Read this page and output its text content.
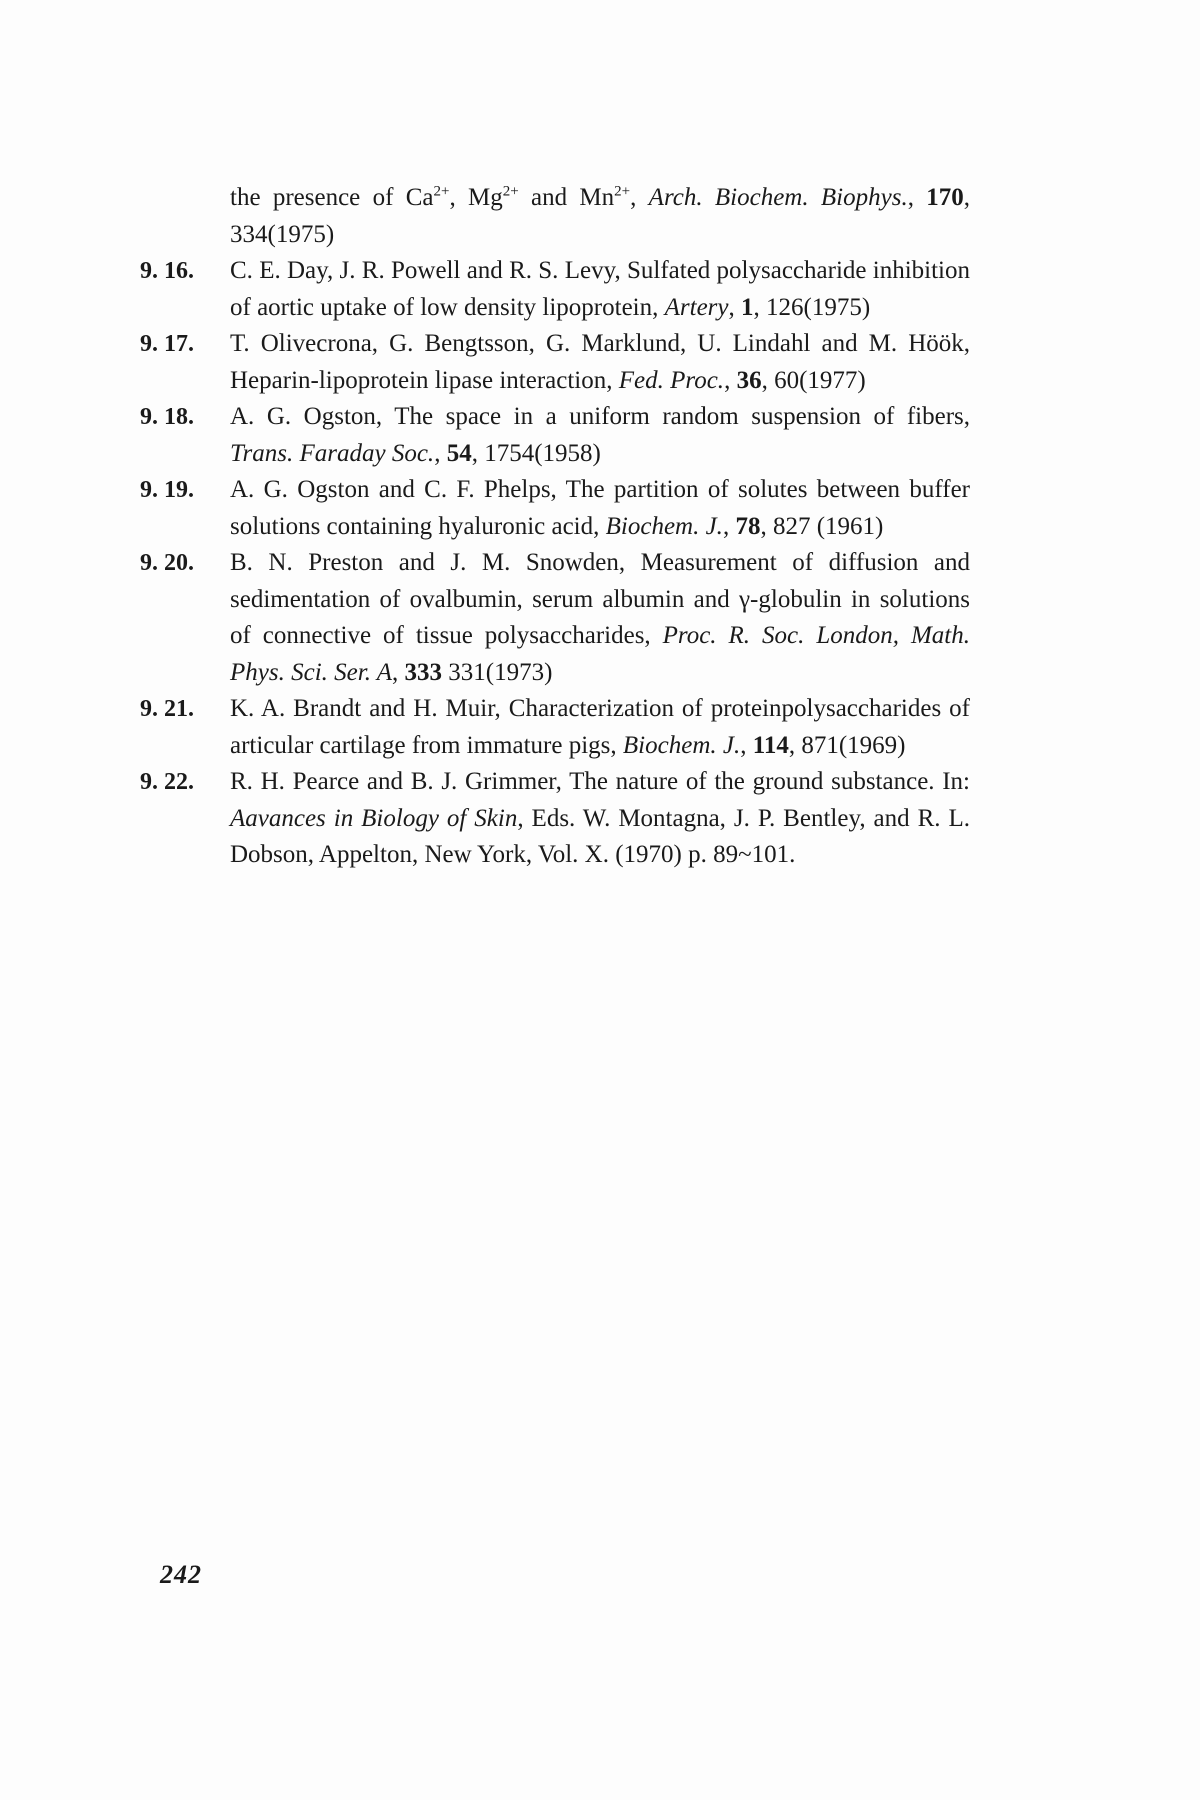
the presence of $Ca^{2+}$, $Mg^{2+}$ and $Mn^{2+}$, Arch. Biochem. Biophys., 170, 334(1975)

9. 16.	C. E. Day, J. R. Powell and R. S. Levy, Sulfated polysaccharide inhibition of aortic uptake of low density lipoprotein, Artery, 1, 126(1975)

9. 17.	T. Olivecrona, G. Bengtsson, G. Marklund, U. Lindahl and M. Höök, Heparin-lipoprotein lipase interaction, Fed. Proc., 36, 60(1977)

9. 18.	A. G. Ogston, The space in a uniform random suspension of fibers, Trans. Faraday Soc., 54, 1754(1958)

9. 19.	A. G. Ogston and C. F. Phelps, The partition of solutes between buffer solutions containing hyaluronic acid, Biochem. J., 78, 827 (1961)

9. 20.	B. N. Preston and J. M. Snowden, Measurement of diffusion and sedimentation of ovalbumin, serum albumin and γ-globulin in solutions of connective of tissue polysaccharides, Proc. R. Soc. London, Math. Phys. Sci. Ser. A, 333 331(1973)

9. 21.	K. A. Brandt and H. Muir, Characterization of proteinpolysaccharides of articular cartilage from immature pigs, Biochem. J., 114, 871(1969)

9. 22.	R. H. Pearce and B. J. Grimmer, The nature of the ground substance. In: Aavances in Biology of Skin, Eds. W. Montagna, J. P. Bentley, and R. L. Dobson, Appelton, New York, Vol. X. (1970) p. 89~101.

242
